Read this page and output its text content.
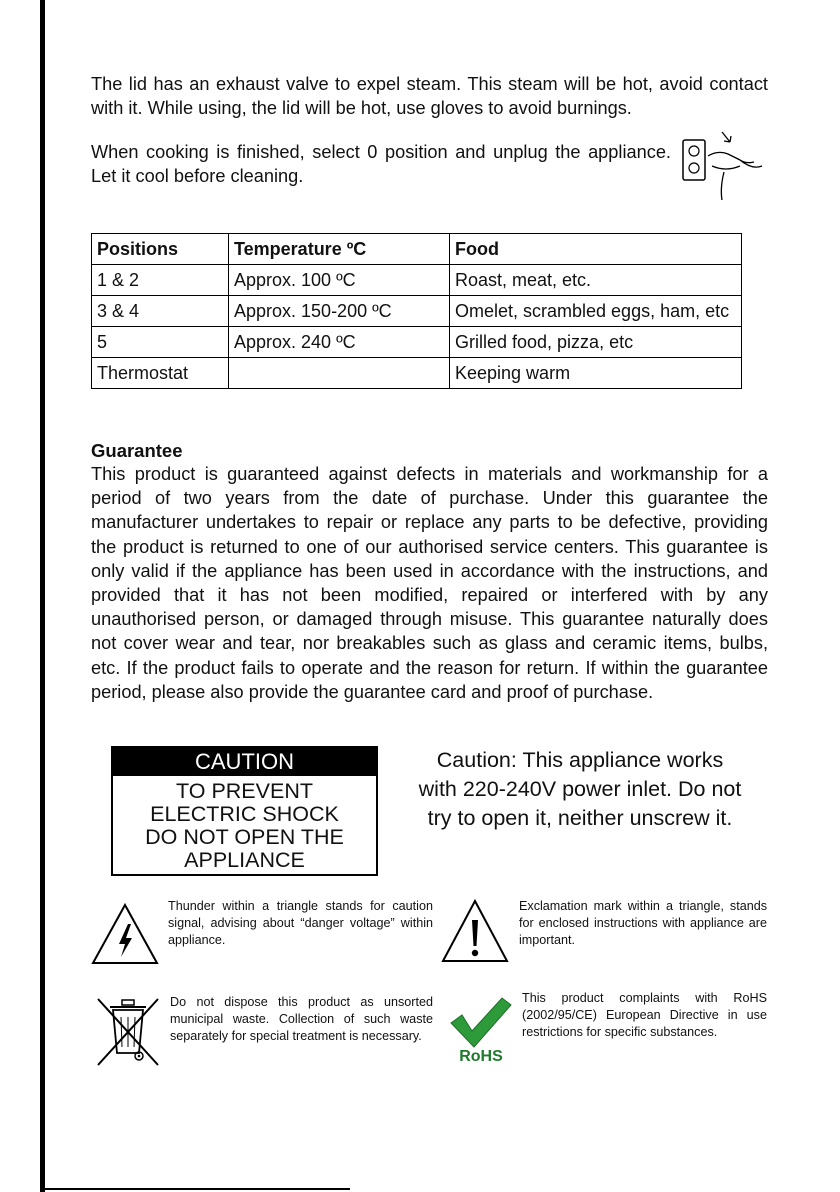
The lid has an exhaust valve to expel steam. This steam will be hot, avoid contact with it. While using, the lid will be hot, use gloves to avoid burnings.

When cooking is finished, select 0 position and unplug the appliance. Let it cool before cleaning.

Positions	Temperature ºC	Food
1 & 2	Approx. 100 ºC	Roast, meat, etc.
3 & 4	Approx. 150-200 ºC	Omelet, scrambled eggs, ham, etc
5	Approx. 240 ºC	Grilled food, pizza, etc
Thermostat		Keeping warm
Guarantee

This product is guaranteed against defects in materials and workmanship for a period of two years from the date of purchase. Under this guarantee the manufacturer undertakes to repair or replace any parts to be defective, providing the product is returned to one of our authorised service centers. This guarantee is only valid if the appliance has been used in accordance with the instructions, and provided that it has not been modified, repaired or interfered with by any unauthorised person, or damaged through misuse. This guarantee naturally does not cover wear and tear, nor breakables such as glass and ceramic items, bulbs, etc. If the product fails to operate and the reason for return. If within the guarantee period, please also provide the guarantee card and proof of purchase.

CAUTION
TO PREVENT
ELECTRIC SHOCK
DO NOT OPEN THE
APPLIANCE

Caution: This appliance works with 220-240V power inlet. Do not try to open it, neither unscrew it.

Thunder within a triangle stands for caution signal, advising about “danger voltage” within appliance.

Exclamation mark within a triangle, stands for enclosed instructions with appliance are important.

Do not dispose this product as unsorted municipal waste. Collection of such waste separately for special treatment is necessary.

RoHS

This product complaints with RoHS (2002/95/CE) European Directive in use restrictions for specific substances.
